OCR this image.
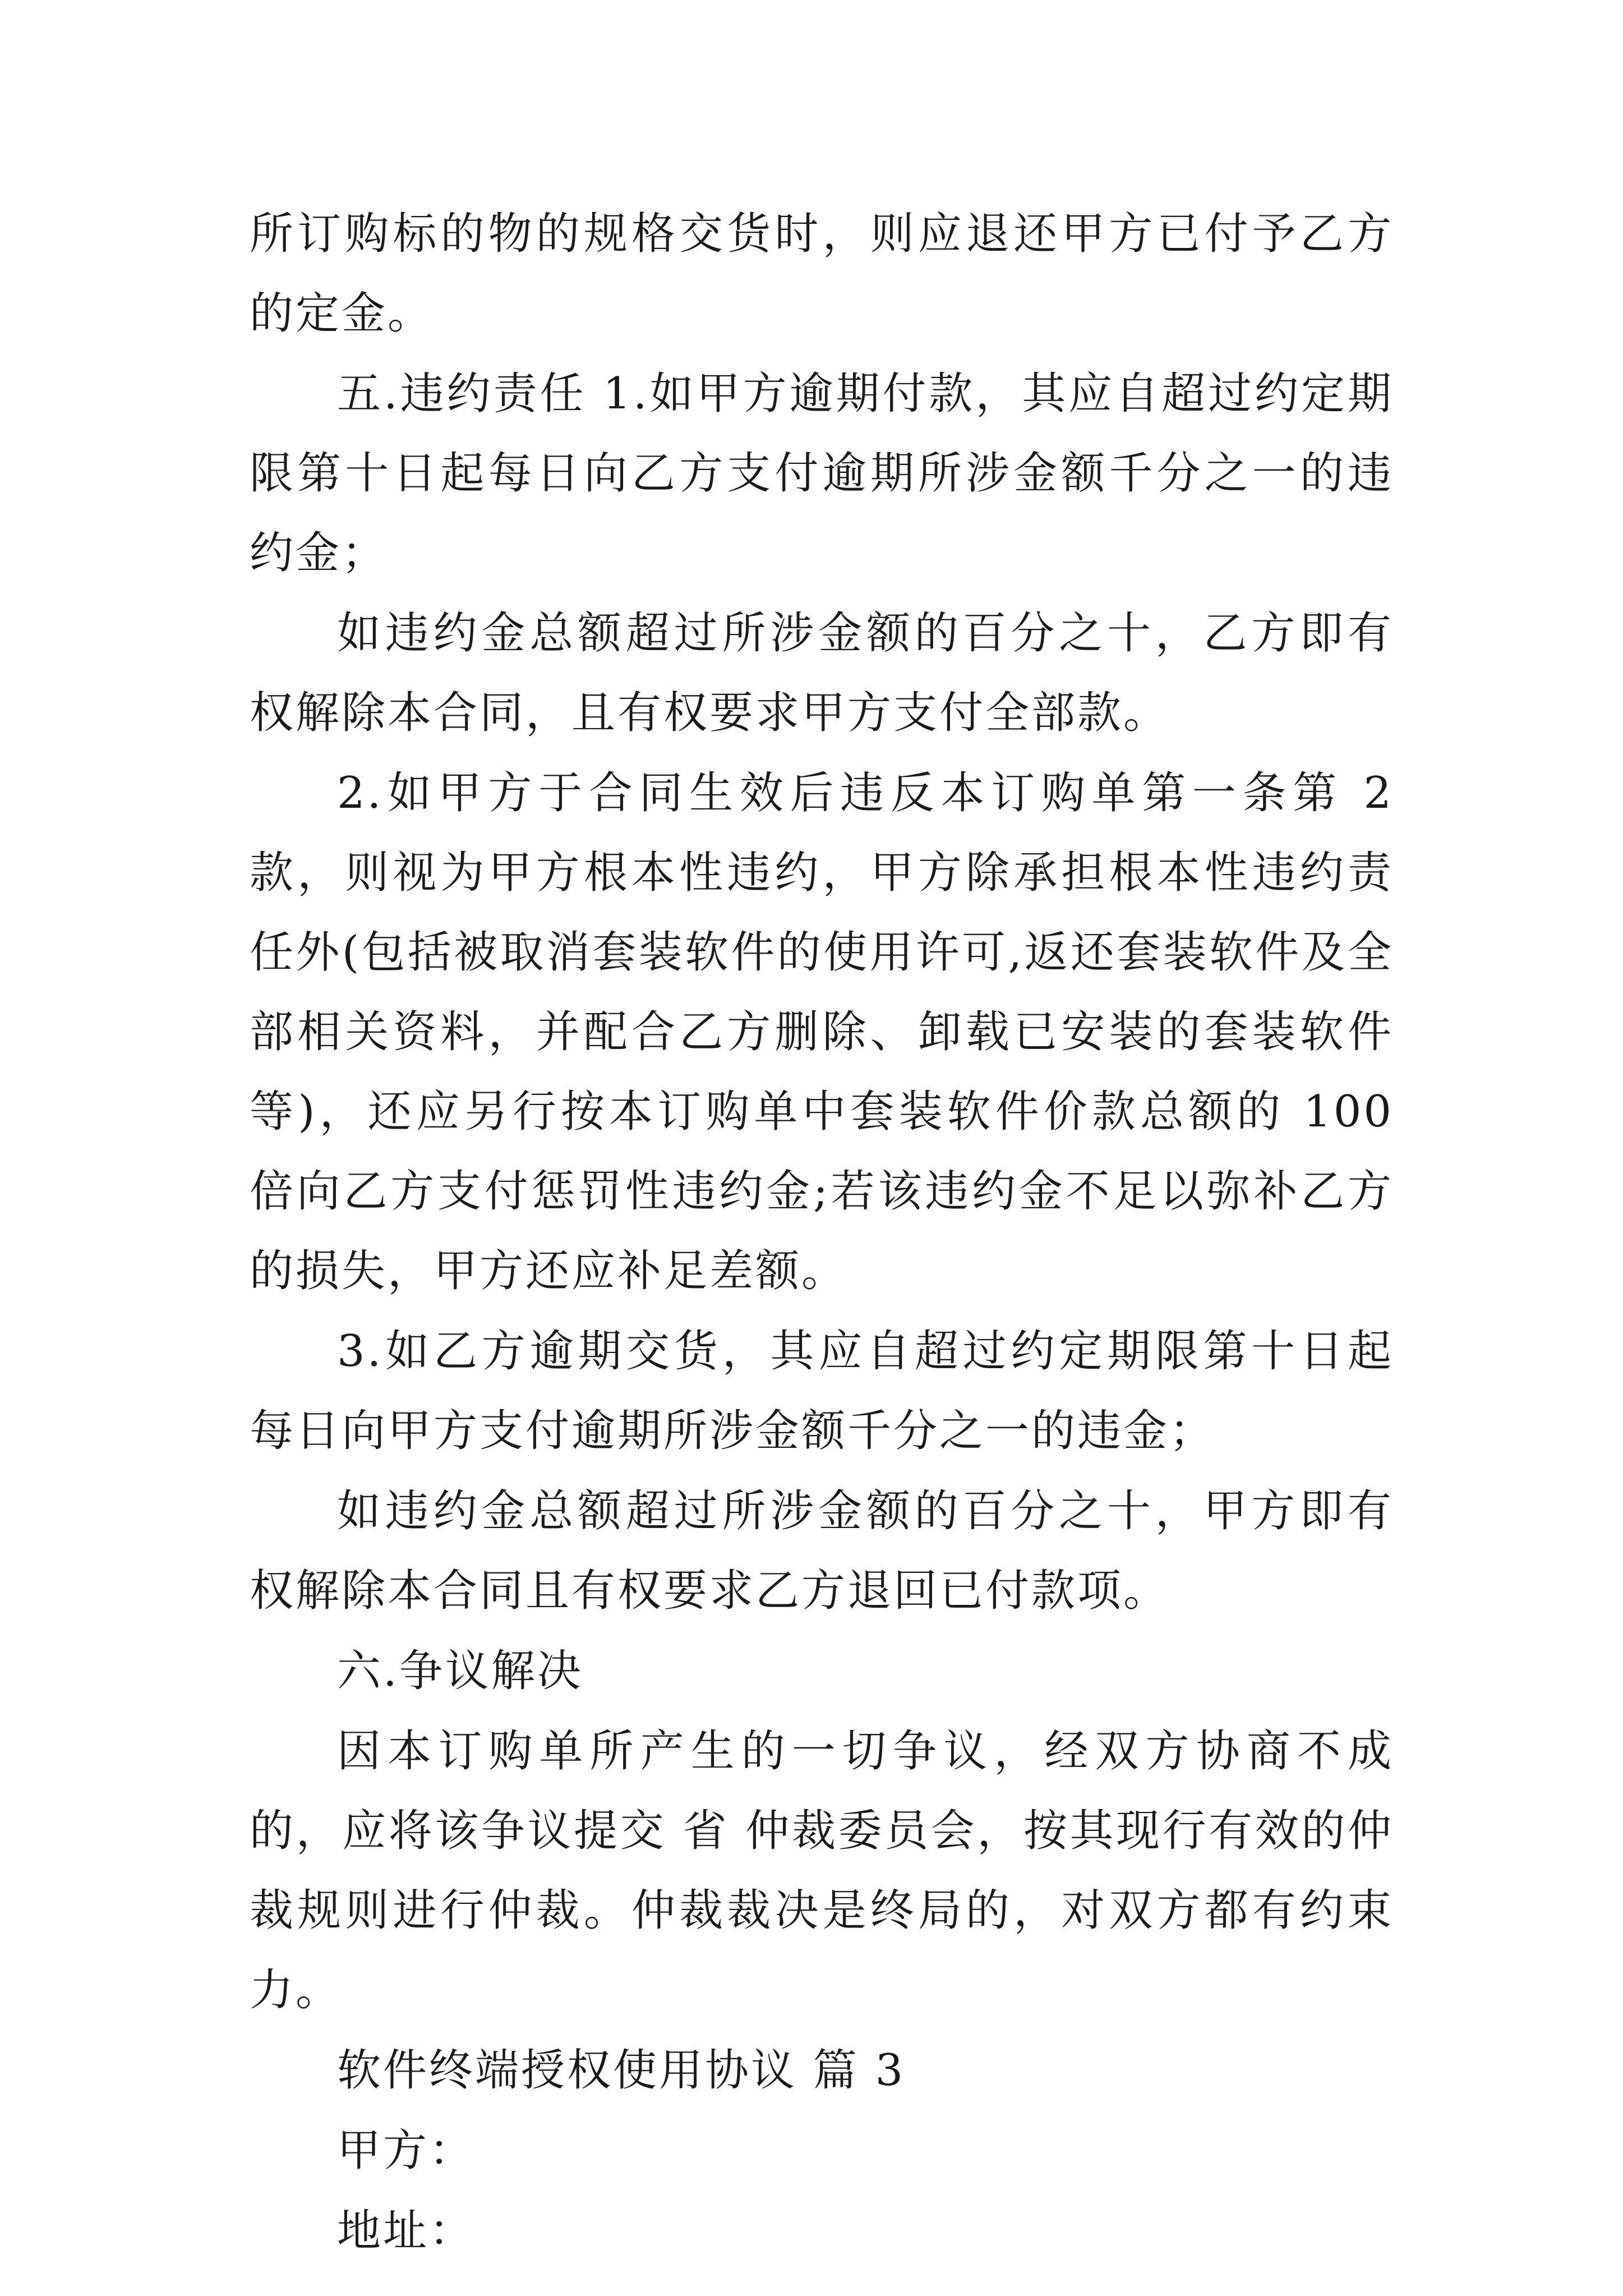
所订购标的物的规格交货时，则应退还甲方已付予乙方的定金。

五.违约责任 1.如甲方逾期付款，其应自超过约定期限第十日起每日向乙方支付逾期所涉金额千分之一的违约金；

如违约金总额超过所涉金额的百分之十，乙方即有权解除本合同，且有权要求甲方支付全部款。

2.如甲方于合同生效后违反本订购单第一条第 2 款，则视为甲方根本性违约，甲方除承担根本性违约责任外(包括被取消套装软件的使用许可,返还套装软件及全部相关资料，并配合乙方删除、卸载已安装的套装软件等)，还应另行按本订购单中套装软件价款总额的 100 倍向乙方支付惩罚性违约金;若该违约金不足以弥补乙方的损失，甲方还应补足差额。

3.如乙方逾期交货，其应自超过约定期限第十日起每日向甲方支付逾期所涉金额千分之一的违金；

如违约金总额超过所涉金额的百分之十，甲方即有权解除本合同且有权要求乙方退回已付款项。

六.争议解决

因本订购单所产生的一切争议，经双方协商不成的，应将该争议提交 省 仲裁委员会，按其现行有效的仲裁规则进行仲裁。仲裁裁决是终局的，对双方都有约束力。

软件终端授权使用协议 篇 3

甲方：

地址：
